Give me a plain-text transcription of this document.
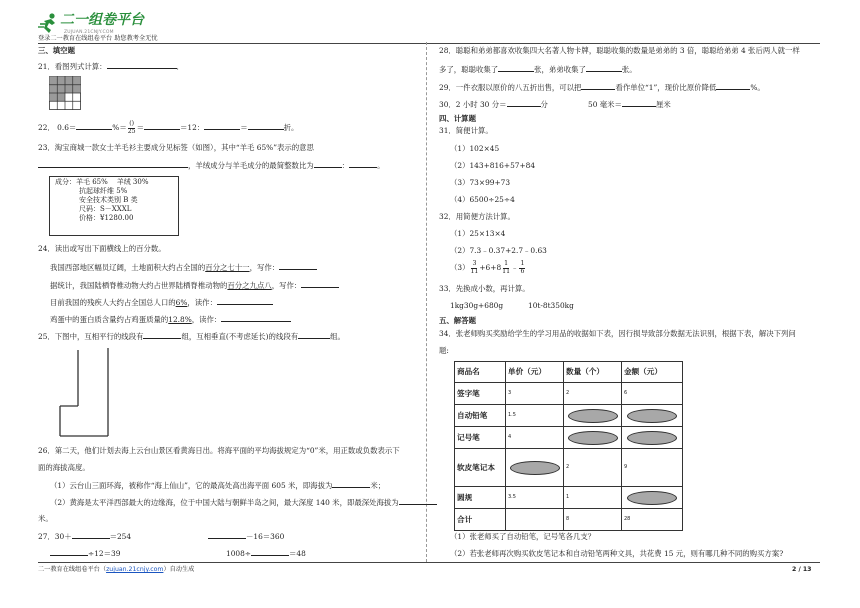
二一组卷平台
ZUJUAN.21CNJY.COM
登录二一教育在线组卷平台 助您教考全无忧
三、填空题
21．看图列式计算：	．
22． 0.6＝	%＝ $\frac{()}{25}$ ＝	＝12：	＝	折。
23．淘宝商城一款女士羊毛衫主要成分见标签（如图），其中“羊毛 65%”表示的意思
，羊绒成分与羊毛成分的最简整数比为	：	。
成分：羊毛 65% 羊绒 30%
抗起球纤维 5%
安全技术类别 B 类
尺码：S－XXXL
价格：¥1280.00
24．读出或写出下面横线上的百分数。
我国西部地区幅员辽阔，土地面积大约占全国的百分之七十一，写作：
据统计，我国陆栖脊椎动物大约占世界陆栖脊椎动物的百分之九点八，写作：
目前我国的残疾人大约占全国总人口的6%，读作：
鸡蛋中的蛋白质含量约占鸡蛋质量的12.8%，读作：
25．下图中，互相平行的线段有	组，互相垂直(不考虑延长)的线段有	组。
26．第二天，他们计划去海上云台山景区看黄海日出。将海平面的平均海拔规定为“0”米，用正数或负数表示下
面的海拔高度。
（1）云台山三面环海，被称作“海上仙山”，它的最高处高出海平面 605 米，即海拔为	米；
（2）黄海是太平洋西部最大的边缘海，位于中国大陆与朝鲜半岛之间，最大深度 140 米，即最深处海拔为
米。
27．30＋	＝254	－16＝360
÷12＝39	1008÷	＝48
28．聪聪和弟弟都喜欢收集四大名著人物卡牌，聪聪收集的数量是弟弟的 3 倍，聪聪给弟弟 4 张后两人就一样
多了，聪聪收集了	张，弟弟收集了	张。
29．一件衣服以原价的八五折出售，可以把	看作单位“1”，现价比原价降低	%。
30．2 小时 30 分＝	分	50 毫米＝	厘米
四、计算题
31．简便计算。
（1）102×45
（2）143+816+57+84
（3）73×99+73
（4）6500÷25÷4
32．用简便方法计算。
（1）25×13×4
（2）7.3﹣0.37+2.7﹣0.63
$(3) \frac{3}{11} +6+8 \frac{1}{11}$ ﹣ $\frac{1}{6}$
33．先换成小数，再计算。
1kg30g+680g	10t-8t350kg
五、解答题
34．张老师购买奖励给学生的学习用品的收据如下表，因行损导致部分数据无法识别，根据下表，解决下列问
题:
商品名	单价（元）	数量（个）	金额（元）
签字笔	3	2	6
自动铅笔	1.5		
记号笔	4		
软皮笔记本		2	9
圆规	3.5	1	
合计		8	28
（1）张老师买了自动铅笔，记号笔各几支？
（2）若张老师再次购买软皮笔记本和自动铅笔两种文具，共花费 15 元，则有哪几种不同的购买方案?
二一教育在线组卷平台（zujuan.21cnjy.com）自动生成	2 / 13
